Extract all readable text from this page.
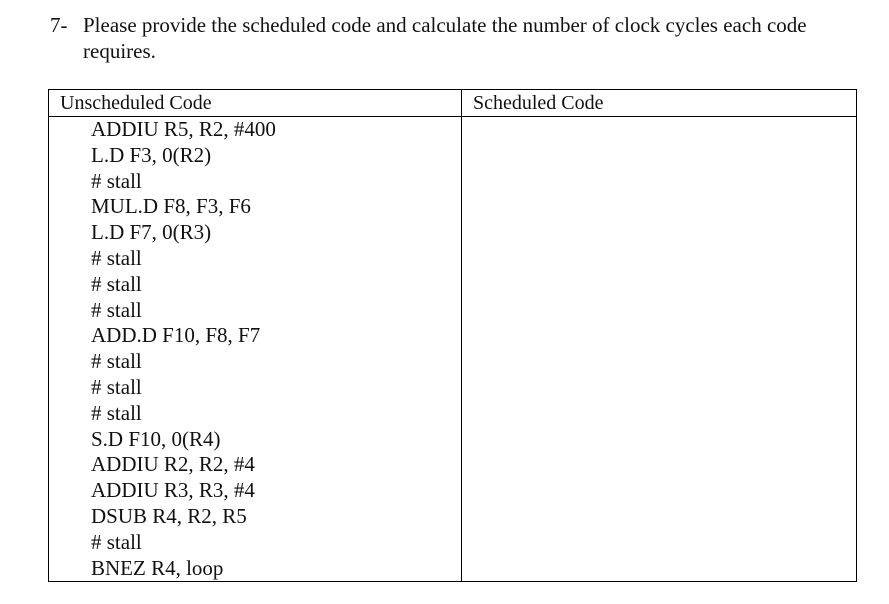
7- Please provide the scheduled code and calculate the number of clock cycles each code requires.
Unscheduled Code	Scheduled Code
ADDIU R5, R2, #400
L.D F3, 0(R2)
# stall
MUL.D F8, F3, F6
L.D F7, 0(R3)
# stall
# stall
# stall
ADD.D F10, F8, F7
# stall
# stall
# stall
S.D F10, 0(R4)
ADDIU R2, R2, #4
ADDIU R3, R3, #4
DSUB R4, R2, R5
# stall
BNEZ R4, loop
